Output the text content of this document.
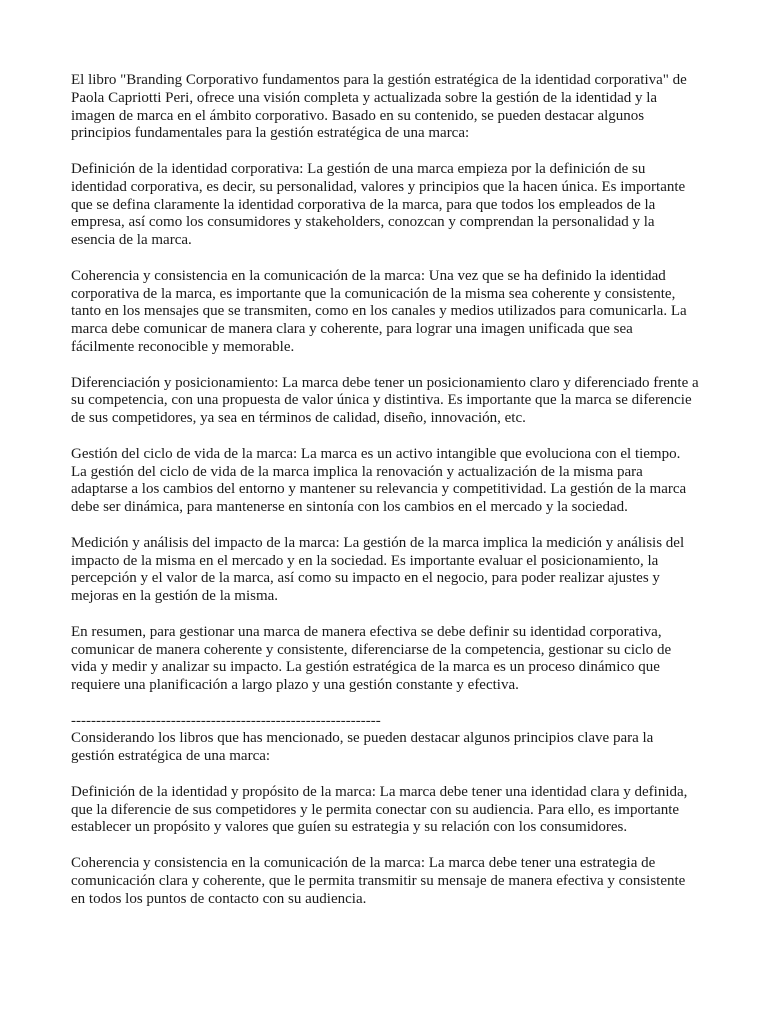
El libro "Branding Corporativo fundamentos para la gestión estratégica de la identidad corporativa" de Paola Capriotti Peri, ofrece una visión completa y actualizada sobre la gestión de la identidad y la imagen de marca en el ámbito corporativo. Basado en su contenido, se pueden destacar algunos principios fundamentales para la gestión estratégica de una marca:

Definición de la identidad corporativa: La gestión de una marca empieza por la definición de su identidad corporativa, es decir, su personalidad, valores y principios que la hacen única. Es importante que se defina claramente la identidad corporativa de la marca, para que todos los empleados de la empresa, así como los consumidores y stakeholders, conozcan y comprendan la personalidad y la esencia de la marca.

Coherencia y consistencia en la comunicación de la marca: Una vez que se ha definido la identidad corporativa de la marca, es importante que la comunicación de la misma sea coherente y consistente, tanto en los mensajes que se transmiten, como en los canales y medios utilizados para comunicarla. La marca debe comunicar de manera clara y coherente, para lograr una imagen unificada que sea fácilmente reconocible y memorable.

Diferenciación y posicionamiento: La marca debe tener un posicionamiento claro y diferenciado frente a su competencia, con una propuesta de valor única y distintiva. Es importante que la marca se diferencie de sus competidores, ya sea en términos de calidad, diseño, innovación, etc.

Gestión del ciclo de vida de la marca: La marca es un activo intangible que evoluciona con el tiempo. La gestión del ciclo de vida de la marca implica la renovación y actualización de la misma para adaptarse a los cambios del entorno y mantener su relevancia y competitividad. La gestión de la marca debe ser dinámica, para mantenerse en sintonía con los cambios en el mercado y la sociedad.

Medición y análisis del impacto de la marca: La gestión de la marca implica la medición y análisis del impacto de la misma en el mercado y en la sociedad. Es importante evaluar el posicionamiento, la percepción y el valor de la marca, así como su impacto en el negocio, para poder realizar ajustes y mejoras en la gestión de la misma.

En resumen, para gestionar una marca de manera efectiva se debe definir su identidad corporativa, comunicar de manera coherente y consistente, diferenciarse de la competencia, gestionar su ciclo de vida y medir y analizar su impacto. La gestión estratégica de la marca es un proceso dinámico que requiere una planificación a largo plazo y una gestión constante y efectiva.

--------------------------------------------------------------

Considerando los libros que has mencionado, se pueden destacar algunos principios clave para la gestión estratégica de una marca:

Definición de la identidad y propósito de la marca: La marca debe tener una identidad clara y definida, que la diferencie de sus competidores y le permita conectar con su audiencia. Para ello, es importante establecer un propósito y valores que guíen su estrategia y su relación con los consumidores.

Coherencia y consistencia en la comunicación de la marca: La marca debe tener una estrategia de comunicación clara y coherente, que le permita transmitir su mensaje de manera efectiva y consistente en todos los puntos de contacto con su audiencia.
